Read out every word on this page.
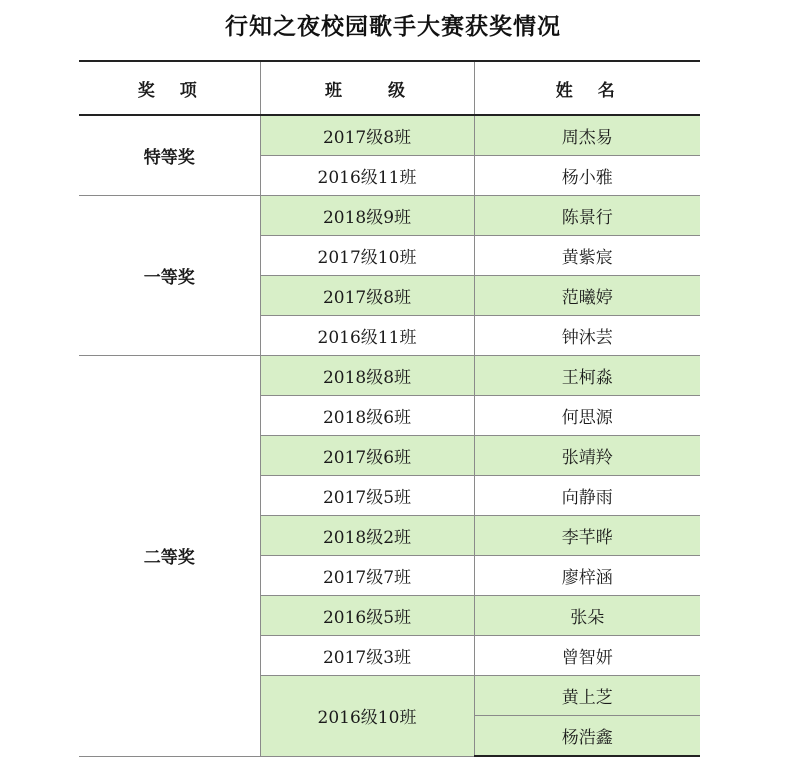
行知之夜校园歌手大赛获奖情况
奖　项	班　　级	姓　名
特等奖	2017级8班	周杰易
	2016级11班	杨小雅
一等奖	2018级9班	陈景行
	2017级10班	黄紫宸
	2017级8班	范曦婷
	2016级11班	钟沐芸
二等奖	2018级8班	王柯淼
	2018级6班	何思源
	2017级6班	张靖羚
	2017级5班	向静雨
	2018级2班	李芊晔
	2017级7班	廖梓涵
	2016级5班	张朵
	2017级3班	曾智妍
	2016级10班	黄上芝
		杨浩鑫
